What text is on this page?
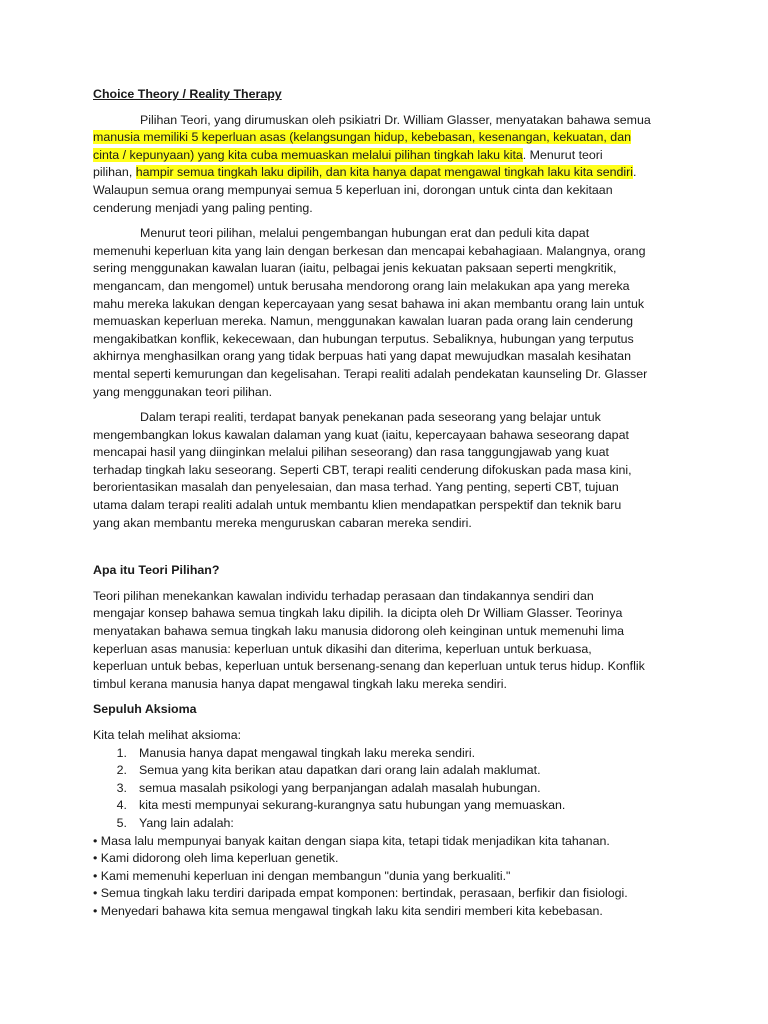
Choice Theory / Reality Therapy
Pilihan Teori, yang dirumuskan oleh psikiatri Dr. William Glasser, menyatakan bahawa semua
manusia memiliki 5 keperluan asas (kelangsungan hidup, kebebasan, kesenangan, kekuatan, dan
cinta / kepunyaan) yang kita cuba memuaskan melalui pilihan tingkah laku kita. Menurut teori
pilihan, hampir semua tingkah laku dipilih, dan kita hanya dapat mengawal tingkah laku kita sendiri.
Walaupun semua orang mempunyai semua 5 keperluan ini, dorongan untuk cinta dan kekitaan
cenderung menjadi yang paling penting.
Menurut teori pilihan, melalui pengembangan hubungan erat dan peduli kita dapat
memenuhi keperluan kita yang lain dengan berkesan dan mencapai kebahagiaan. Malangnya, orang
sering menggunakan kawalan luaran (iaitu, pelbagai jenis kekuatan paksaan seperti mengkritik,
mengancam, dan mengomel) untuk berusaha mendorong orang lain melakukan apa yang mereka
mahu mereka lakukan dengan kepercayaan yang sesat bahawa ini akan membantu orang lain untuk
memuaskan keperluan mereka. Namun, menggunakan kawalan luaran pada orang lain cenderung
mengakibatkan konflik, kekecewaan, dan hubungan terputus. Sebaliknya, hubungan yang terputus
akhirnya menghasilkan orang yang tidak berpuas hati yang dapat mewujudkan masalah kesihatan
mental seperti kemurungan dan kegelisahan. Terapi realiti adalah pendekatan kaunseling Dr. Glasser
yang menggunakan teori pilihan.
Dalam terapi realiti, terdapat banyak penekanan pada seseorang yang belajar untuk
mengembangkan lokus kawalan dalaman yang kuat (iaitu, kepercayaan bahawa seseorang dapat
mencapai hasil yang diinginkan melalui pilihan seseorang) dan rasa tanggungjawab yang kuat
terhadap tingkah laku seseorang. Seperti CBT, terapi realiti cenderung difokuskan pada masa kini,
berorientasikan masalah dan penyelesaian, dan masa terhad. Yang penting, seperti CBT, tujuan
utama dalam terapi realiti adalah untuk membantu klien mendapatkan perspektif dan teknik baru
yang akan membantu mereka menguruskan cabaran mereka sendiri.
Apa itu Teori Pilihan?
Teori pilihan menekankan kawalan individu terhadap perasaan dan tindakannya sendiri dan
mengajar konsep bahawa semua tingkah laku dipilih. Ia dicipta oleh Dr William Glasser. Teorinya
menyatakan bahawa semua tingkah laku manusia didorong oleh keinginan untuk memenuhi lima
keperluan asas manusia: keperluan untuk dikasihi dan diterima, keperluan untuk berkuasa,
keperluan untuk bebas, keperluan untuk bersenang-senang dan keperluan untuk terus hidup. Konflik
timbul kerana manusia hanya dapat mengawal tingkah laku mereka sendiri.
Sepuluh Aksioma
Kita telah melihat aksioma:
1. Manusia hanya dapat mengawal tingkah laku mereka sendiri.
2. Semua yang kita berikan atau dapatkan dari orang lain adalah maklumat.
3. semua masalah psikologi yang berpanjangan adalah masalah hubungan.
4. kita mesti mempunyai sekurang-kurangnya satu hubungan yang memuaskan.
5. Yang lain adalah:
• Masa lalu mempunyai banyak kaitan dengan siapa kita, tetapi tidak menjadikan kita tahanan.
• Kami didorong oleh lima keperluan genetik.
• Kami memenuhi keperluan ini dengan membangun "dunia yang berkualiti."
• Semua tingkah laku terdiri daripada empat komponen: bertindak, perasaan, berfikir dan fisiologi.
• Menyedari bahawa kita semua mengawal tingkah laku kita sendiri memberi kita kebebasan.
